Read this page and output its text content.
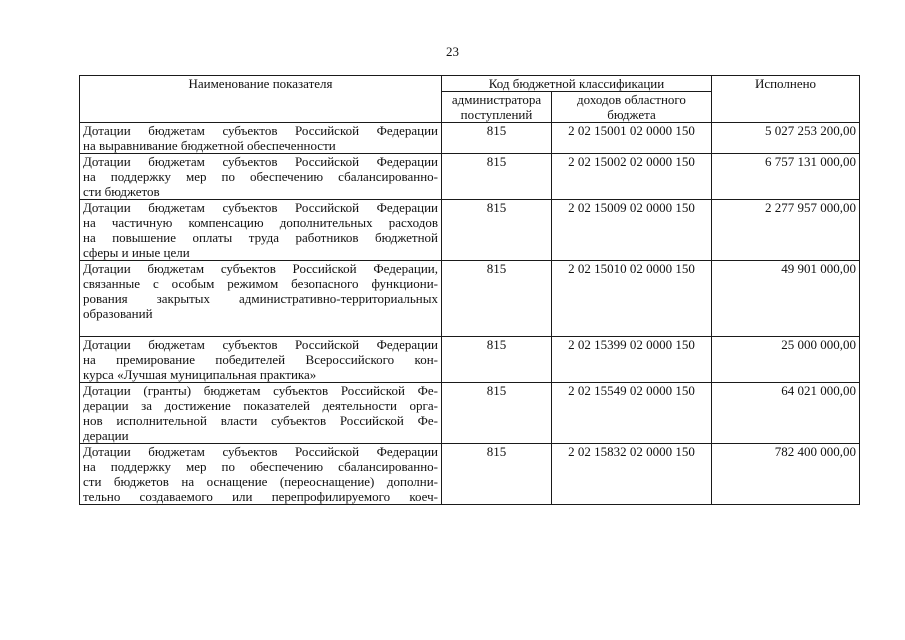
23
Наименование показателя	Код бюджетной классификации		Исполнено

	администратора
поступлений	доходов областного
бюджета	

Дотации бюджетам субъектов Российской Федерации
на выравнивание бюджетной обеспеченности	815	2 02 15001 02 0000 150	5 027 253 200,00

Дотации бюджетам субъектов Российской Федерации
на поддержку мер по обеспечению сбалансированно-
сти бюджетов	815	2 02 15002 02 0000 150	6 757 131 000,00

Дотации бюджетам субъектов Российской Федерации
на частичную компенсацию дополнительных расходов
на повышение оплаты труда работников бюджетной
сферы и иные цели	815	2 02 15009 02 0000 150	2 277 957 000,00

Дотации бюджетам субъектов Российской Федерации,
связанные с особым режимом безопасного функциони-
рования закрытых административно-территориальных
образований	815	2 02 15010 02 0000 150	49 901 000,00

Дотации бюджетам субъектов Российской Федерации
на премирование победителей Всероссийского кон-
курса «Лучшая муниципальная практика»	815	2 02 15399 02 0000 150	25 000 000,00

Дотации (гранты) бюджетам субъектов Российской Фе-
дерации за достижение показателей деятельности орга-
нов исполнительной власти субъектов Российской Фе-
дерации	815	2 02 15549 02 0000 150	64 021 000,00

Дотации бюджетам субъектов Российской Федерации
на поддержку мер по обеспечению сбалансированно-
сти бюджетов на оснащение (переоснащение) дополни-
тельно создаваемого или перепрофилируемого коеч-	815	2 02 15832 02 0000 150	782 400 000,00
